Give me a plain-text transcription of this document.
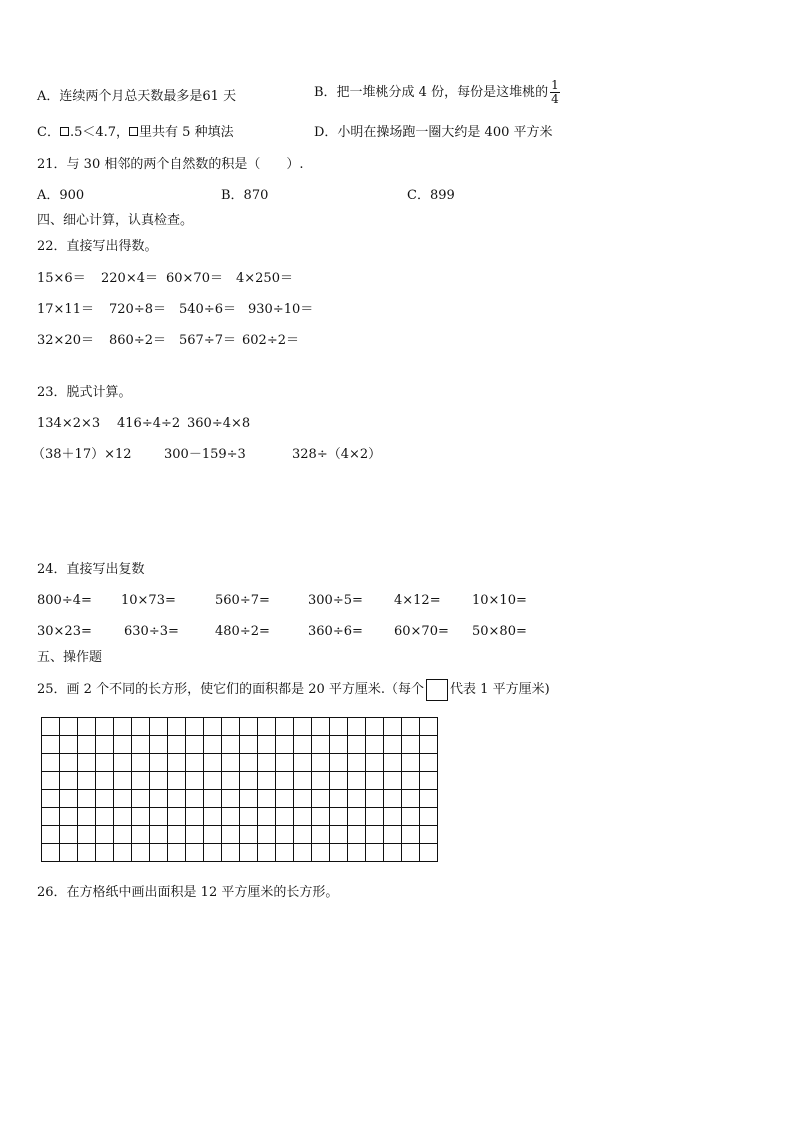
A．连续两个月总天数最多是61 天	B．把一堆桃分成 4 份，每份是这堆桃的 $\frac{1}{4}$
C． .5＜4.7， 里共有 5 种填法	D．小明在操场跑一圈大约是 400 平方米
21．与 30 相邻的两个自然数的积是（　　）.
A．900	B．870	C．899
四、细心计算，认真检查。
22．直接写出得数。
15×6＝ 220×4＝ 60×70＝ 4×250＝
17×11＝ 720÷8＝ 540÷6＝ 930÷10＝
32×20＝ 860÷2＝ 567÷7＝ 602÷2＝
23．脱式计算。
134×2×3 416÷4÷2 360÷4×8
（38＋17）×12 300－159÷3	328÷（4×2）
24．直接写出复数
800÷4= 10×73=	560÷7=	300÷5= 4×12= 10×10=
30×23= 630÷3=	480÷2=	360÷6= 60×70= 50×80=
五、操作题
25．画 2 个不同的长方形，使它们的面积都是 20 平方厘米.（每个 代表 1 平方厘米)

26．在方格纸中画出面积是 12 平方厘米的长方形。
